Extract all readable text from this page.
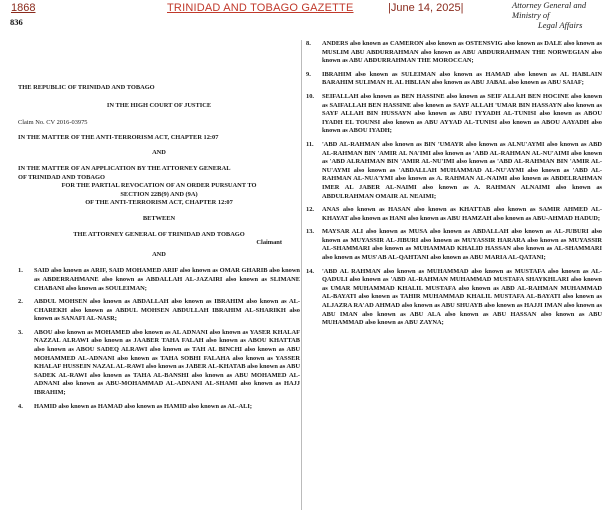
1868	TRINIDAD AND TOBAGO GAZETTE	|June 14, 2025|	Attorney General and Ministry of
Legal Affairs
836
THE REPUBLIC OF TRINIDAD AND TOBAGO
IN THE HIGH COURT OF JUSTICE
Claim No. CV 2016-03975
IN THE MATTER OF THE ANTI-TERRORISM ACT, CHAPTER 12:07
AND
IN THE MATTER OF AN APPLICATION BY THE ATTORNEY GENERAL
OF TRINIDAD AND TOBAGO
FOR THE PARTIAL REVOCATION OF AN ORDER PURSUANT TO
SECTION 22B(9) AND (9A)
OF THE ANTI-TERRORISM ACT, CHAPTER 12:07
BETWEEN
THE ATTORNEY GENERAL OF TRINIDAD AND TOBAGO
Claimant
AND
1.	SAID also known as ARIF, SAID MOHAMED ARIF also known as OMAR GHARIB also known as ABDERRAHMANE also known as ABDALLAH AL-JAZAIRI also known as SLIMANE CHABANI also known as SOULEIMAN;
2.	ABDUL MOHSEN also known as ABDALLAH also known as IBRAHIM also known as AL-CHAREKH also known as ABDUL MOHSEN ABDULLAH IBRAHIM AL-SHARIKH also known as SANAFI AL-NASR;
3.	ABOU also known as MOHAMED also known as AL ADNANI also known as YASER KHALAF NAZZAL ALRAWI also known as JAABER TAHA FALAH also known as ABOU KHATTAB also known as ABOU SADEQ ALRAWI also known as TAH AL BINCHI also known as ABU MOHAMMED AL-ADNANI also known as TAHA SOBHI FALAHA also known as YASSER KHALAF HUSSEIN NAZAL AL-RAWI also known as JABER AL-KHATAB also known as ABU SADEK AL-RAWI also known as TAHA AL-BANSHI also known as ABU MOHAMED AL-ADNANI also known as ABU-MOHAMMAD AL-ADNANI AL-SHAMI also known as HAJJ IBRAHIM;
4.	HAMID also known as HAMAD also known as HAMID also known as AL-ALI;
8.	ANDERS also known as CAMERON also known as OSTENSVIG also known as DALE also known as MUSLIM ABU ABDURRAHMAN also known as ABU ABDURRAHMAN THE NORWEGIAN also known as ABU ABDURRAHMAN THE MOROCCAN;
9.	IBRAHIM also known as SULEIMAN also known as HAMAD also known as AL HABLAIN BARAHIM SULIMAN H. AL HBLIAN also known as ABU JABAL also known as ABU SAIAF;
10.	SEIFALLAH also known as BEN HASSINE also known as SEIF ALLAH BEN HOCINE also known as SAIFALLAH BEN HASSINE also known as SAYF ALLAH 'UMAR BIN HASSAYN also known as SAYF ALLAH BIN HUSSAYN also known as ABU IYYADH AL-TUNISI also known as ABOU IYADH EL TOUNSI also known as ABU AYYAD AL-TUNISI also known as ABOU AAYADH also known as ABOU IYADH;
11.	'ABD AL-RAHMAN also known as BIN 'UMAYR also known as ALNU'AYMI also known as ABD AL-RAHMAN BIN 'AMIR AL NA'IMI also known as 'ABD AL-RAHMAN AL-NU'AIMI also known as 'ABD ALRAHMAN BIN 'AMIR AL-NU'IMI also known as 'ABD AL-RAHMAN BIN 'AMIR AL-NU'AYMI also known as 'ABDALLAH MUHAMMAD AL-NU'AYMI also known as 'ABD AL-RAHMAN AL-NUA'YMI also known as A. RAHMAN AL-NAIMI also known as ABDELRAHMAN IMER AL JABER AL-NAIMI also known as A. RAHMAN ALNAIMI also known as ABDULRAHMAN OMAIR AL NEAIMI;
12.	ANAS also known as HASAN also known as KHATTAB also known as SAMIR AHMED AL-KHAYAT also known as HANI also known as ABU HAMZAH also known as ABU-AHMAD HADUD;
13.	MAYSAR ALI also known as MUSA also known as ABDALLAH also known as AL-JUBURI also known as MUYASSIR AL-JIBURI also known as MUYASSIR HARARA also known as MUYASSIR AL-SHAMMARI also known as MUHAMMAD KHALID HASSAN also known as AL-SHAMMARI also known as MUS'AB AL-QAHTANI also known as ABU MARIA AL-QATANI;
14.	'ABD AL RAHMAN also known as MUHAMMAD also known as MUSTAFA also known as AL-QADULI also known as 'ABD AL-RAHMAN MUHAMMAD MUSTAFA SHAYKHLARI also known as UMAR MUHAMMAD KHALIL MUSTAFA also known as ABD AL-RAHMAN MUHAMMAD AL-BAYATI also known as TAHIR MUHAMMAD KHALIL MUSTAFA AL-BAYATI also known as ALJAZRA RA'AD AHMAD also known as ABU SHUAYB also known as HAJJI IMAN also known as ABU IMAN also known as ABU ALA also known as ABU HASSAN also known as ABU MUHAMMAD also known as ABU ZAYNA;
